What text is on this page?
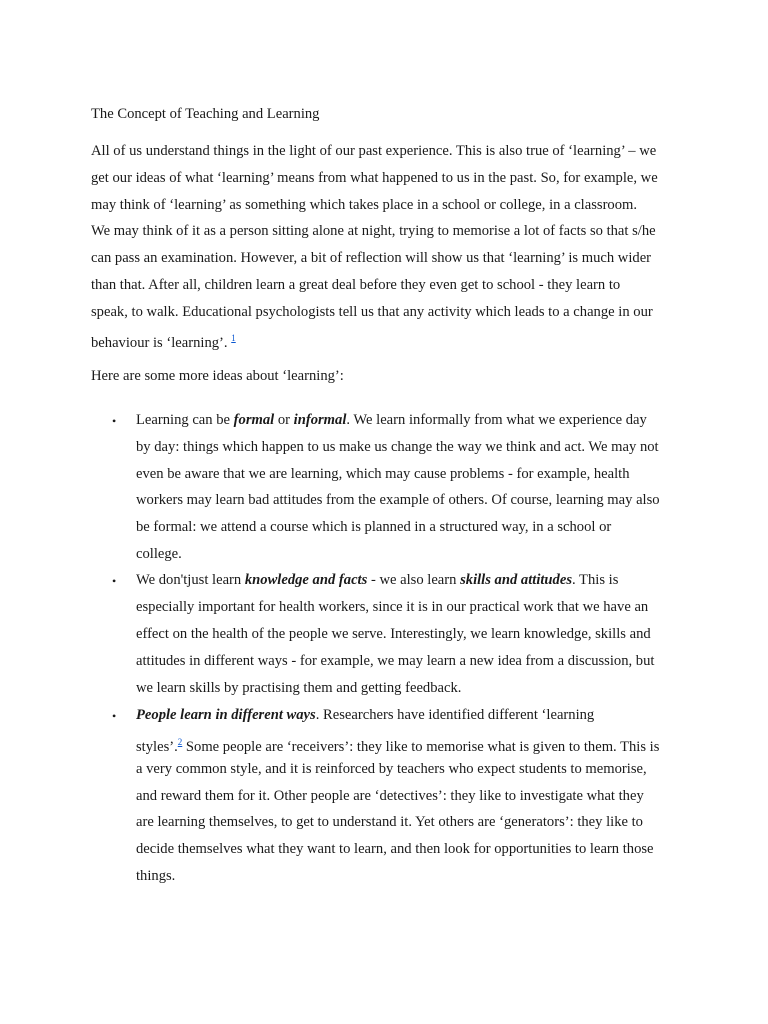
The Concept of Teaching and Learning
All of us understand things in the light of our past experience. This is also true of ‘learning’ – we
get our ideas of what ‘learning’ means from what happened to us in the past. So, for example, we
may think of ‘learning’ as something which takes place in a school or college, in a classroom.
We may think of it as a person sitting alone at night, trying to memorise a lot of facts so that s/he
can pass an examination. However, a bit of reflection will show us that ‘learning’ is much wider
than that. After all, children learn a great deal before they even get to school - they learn to
speak, to walk. Educational psychologists tell us that any activity which leads to a change in our
behaviour is ‘learning’. $^1$
Here are some more ideas about ‘learning’:
• Learning can be formal or informal. We learn informally from what we experience day
by day: things which happen to us make us change the way we think and act. We may not
even be aware that we are learning, which may cause problems - for example, health
workers may learn bad attitudes from the example of others. Of course, learning may also
be formal: we attend a course which is planned in a structured way, in a school or
college.
• We don'tjust learn knowledge and facts - we also learn skills and attitudes. This is
especially important for health workers, since it is in our practical work that we have an
effect on the health of the people we serve. Interestingly, we learn knowledge, skills and
attitudes in different ways - for example, we may learn a new idea from a discussion, but
we learn skills by practising them and getting feedback.
• People learn in different ways. Researchers have identified different ‘learning
styles’.$^2$ Some people are ‘receivers’: they like to memorise what is given to them. This is
a very common style, and it is reinforced by teachers who expect students to memorise,
and reward them for it. Other people are ‘detectives’: they like to investigate what they
are learning themselves, to get to understand it. Yet others are ‘generators’: they like to
decide themselves what they want to learn, and then look for opportunities to learn those
things.
